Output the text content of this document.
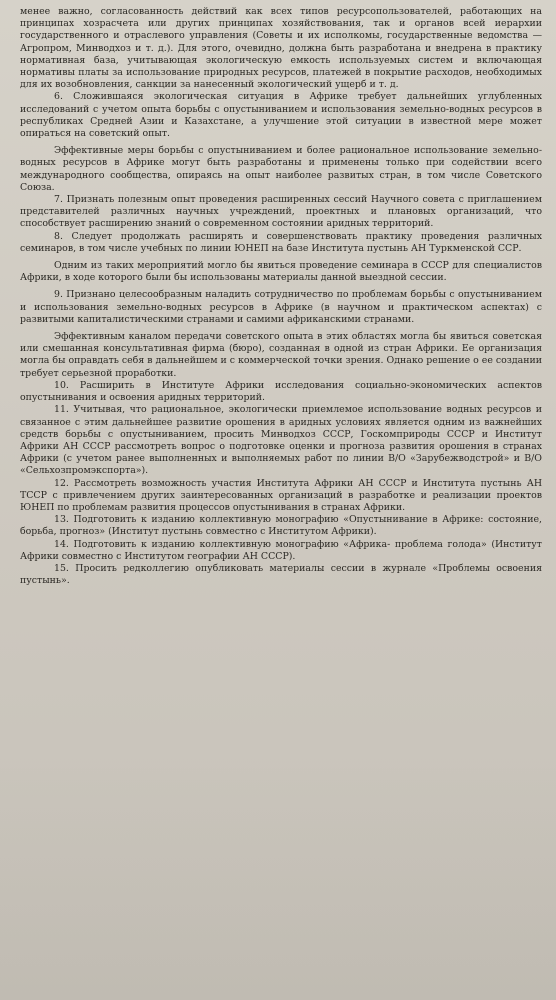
менее важно, согласованность действий как всех типов ресурсопользователей, работающих на принципах хозрасчета или других принципах хозяйствования, так и органов всей иерархии государственного и отраслевого управления (Советы и их исполкомы, государственные ведомства — Агропром, Минводхоз и т. д.). Для этого, очевидно, должна быть разработана и внедрена в практику нормативная база, учитывающая экологическую емкость используемых систем и включающая нормативы платы за использование природных ресурсов, платежей в покрытие расходов, необходимых для их возобновления, санкции за нанесенный экологический ущерб и т. д.

6. Сложившаяся экологическая ситуация в Африке требует дальнейших углубленных исследований с учетом опыта борьбы с опустыниванием и использования земельно-водных ресурсов в республиках Средней Азии и Казахстане, а улучшение этой ситуации в известной мере может опираться на советский опыт.

Эффективные меры борьбы с опустыниванием и более рациональное использование земельно-водных ресурсов в Африке могут быть разработаны и применены только при содействии всего международного сообщества, опираясь на опыт наиболее развитых стран, в том числе Советского Союза.

7. Признать полезным опыт проведения расширенных сессий Научного совета с приглашением представителей различных научных учреждений, проектных и плановых организаций, что способствует расширению знаний о современном состоянии аридных территорий.

8. Следует продолжать расширять и совершенствовать практику проведения различных семинаров, в том числе учебных по линии ЮНЕП на базе Института пустынь АН Туркменской ССР.

Одним из таких мероприятий могло бы явиться проведение семинара в СССР для специалистов Африки, в ходе которого были бы использованы материалы данной выездной сессии.

9. Признано целесообразным наладить сотрудничество по проблемам борьбы с опустыниванием и использования земельно-водных ресурсов в Африке (в научном и практическом аспектах) с развитыми капиталистическими странами и самими африканскими странами.

Эффективным каналом передачи советского опыта в этих областях могла бы явиться советская или смешанная консультативная фирма (бюро), созданная в одной из стран Африки. Ее организация могла бы оправдать себя в дальнейшем и с коммерческой точки зрения. Однако решение о ее создании требует серьезной проработки.

10. Расширить в Институте Африки исследования социально-экономических аспектов опустынивания и освоения аридных территорий.

11. Учитывая, что рациональное, экологически приемлемое использование водных ресурсов и связанное с этим дальнейшее развитие орошения в аридных условиях является одним из важнейших средств борьбы с опустыниванием, просить Минводхоз СССР, Госкомприроды СССР и Институт Африки АН СССР рассмотреть вопрос о подготовке оценки и прогноза развития орошения в странах Африки (с учетом ранее выполненных и выполняемых работ по линии В/О «Зарубежводстрой» и В/О «Сельхозпромэкспорта»).

12. Рассмотреть возможность участия Института Африки АН СССР и Института пустынь АН ТССР с привлечением других заинтересованных организаций в разработке и реализации проектов ЮНЕП по проблемам развития процессов опустынивания в странах Африки.

13. Подготовить к изданию коллективную монографию «Опустынивание в Африке: состояние, борьба, прогноз» (Институт пустынь совместно с Институтом Африки).

14. Подготовить к изданию коллективную монографию «Африка- проблема голода» (Институт Африки совместно с Институтом географии АН СССР).

15. Просить редколлегию опубликовать материалы сессии в журнале «Проблемы освоения пустынь».
